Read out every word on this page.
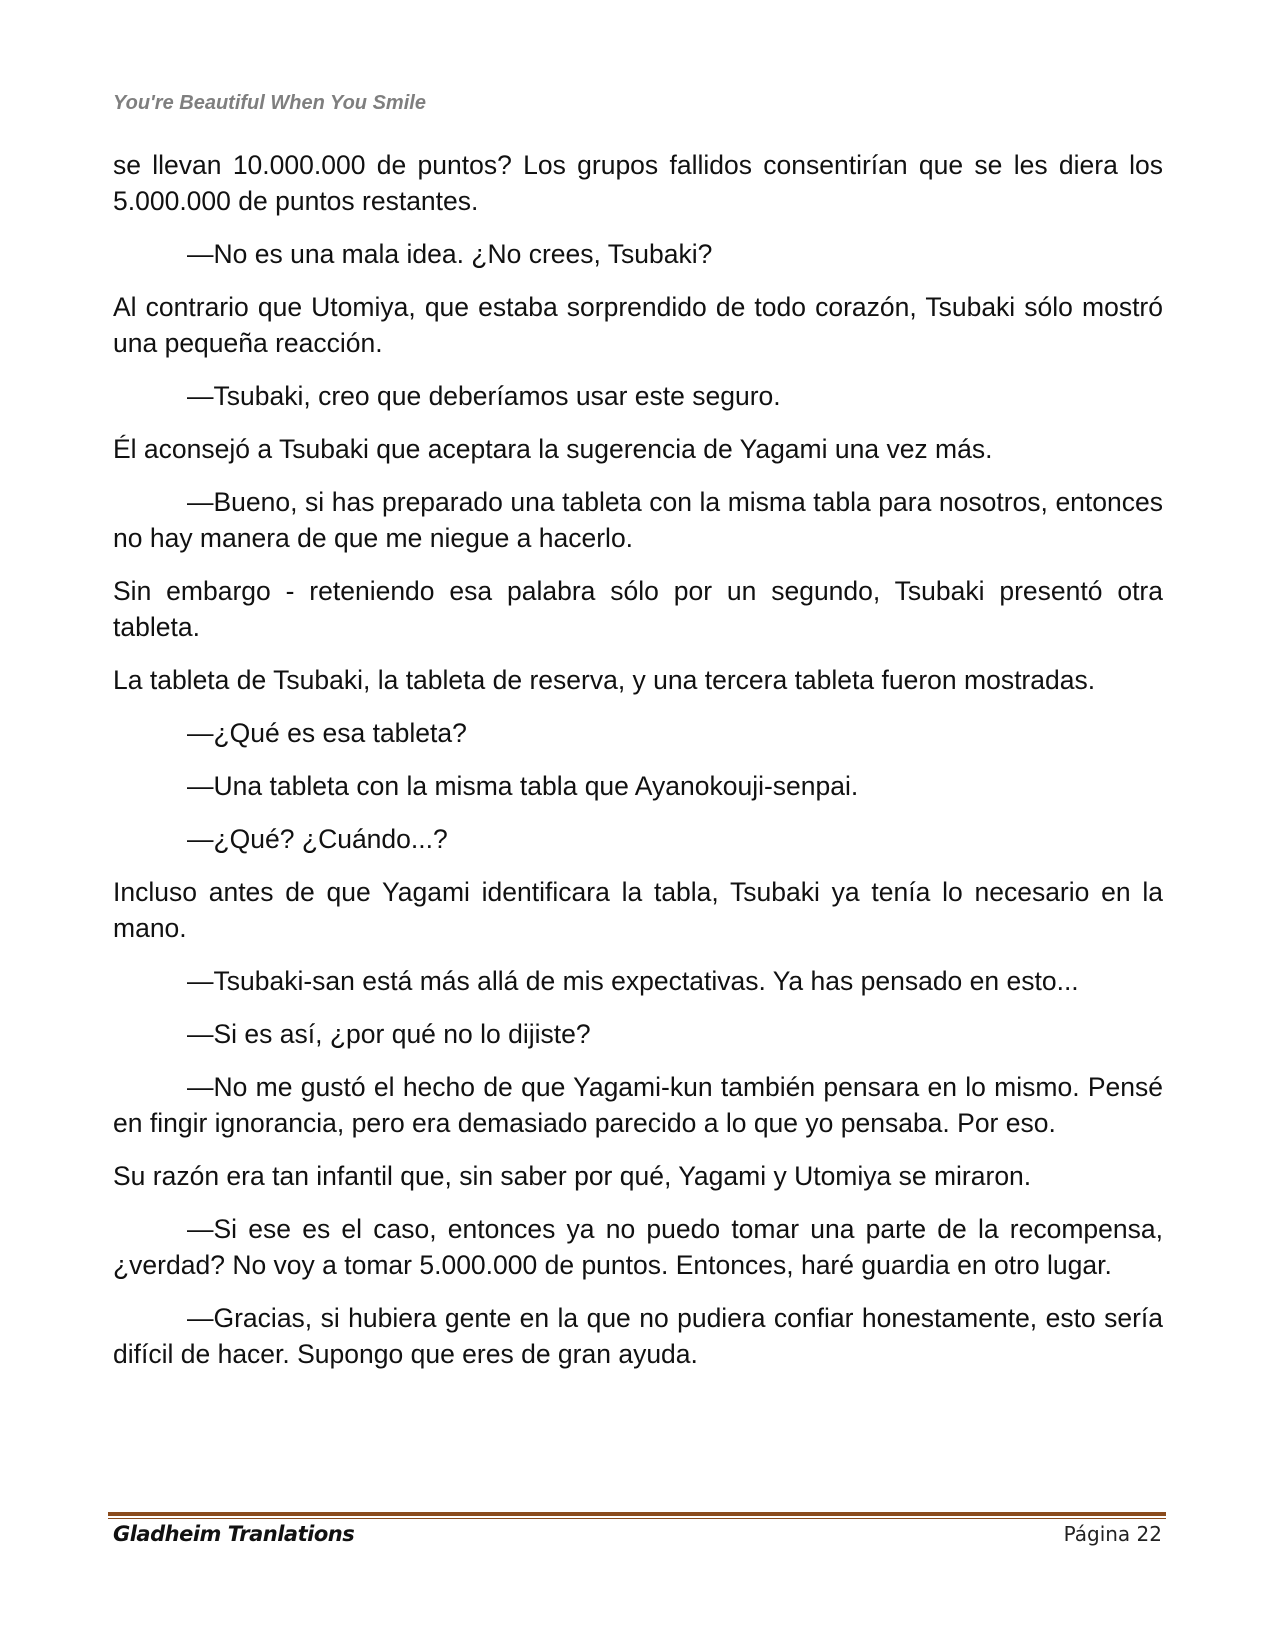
You're Beautiful When You Smile

se llevan 10.000.000 de puntos? Los grupos fallidos consentirían que se les diera los 5.000.000 de puntos restantes.

—No es una mala idea. ¿No crees, Tsubaki?

Al contrario que Utomiya, que estaba sorprendido de todo corazón, Tsubaki sólo mostró una pequeña reacción.

—Tsubaki, creo que deberíamos usar este seguro.

Él aconsejó a Tsubaki que aceptara la sugerencia de Yagami una vez más.

—Bueno, si has preparado una tableta con la misma tabla para nosotros, entonces no hay manera de que me niegue a hacerlo.

Sin embargo - reteniendo esa palabra sólo por un segundo, Tsubaki presentó otra tableta.

La tableta de Tsubaki, la tableta de reserva, y una tercera tableta fueron mostradas.

—¿Qué es esa tableta?

—Una tableta con la misma tabla que Ayanokouji-senpai.

—¿Qué? ¿Cuándo...?

Incluso antes de que Yagami identificara la tabla, Tsubaki ya tenía lo necesario en la mano.

—Tsubaki-san está más allá de mis expectativas. Ya has pensado en esto...

—Si es así, ¿por qué no lo dijiste?

—No me gustó el hecho de que Yagami-kun también pensara en lo mismo. Pensé en fingir ignorancia, pero era demasiado parecido a lo que yo pensaba. Por eso.

Su razón era tan infantil que, sin saber por qué, Yagami y Utomiya se miraron.

—Si ese es el caso, entonces ya no puedo tomar una parte de la recompensa, ¿verdad? No voy a tomar 5.000.000 de puntos. Entonces, haré guardia en otro lugar.

—Gracias, si hubiera gente en la que no pudiera confiar honestamente, esto sería difícil de hacer. Supongo que eres de gran ayuda.

Gladheim Tranlations	Página 22
